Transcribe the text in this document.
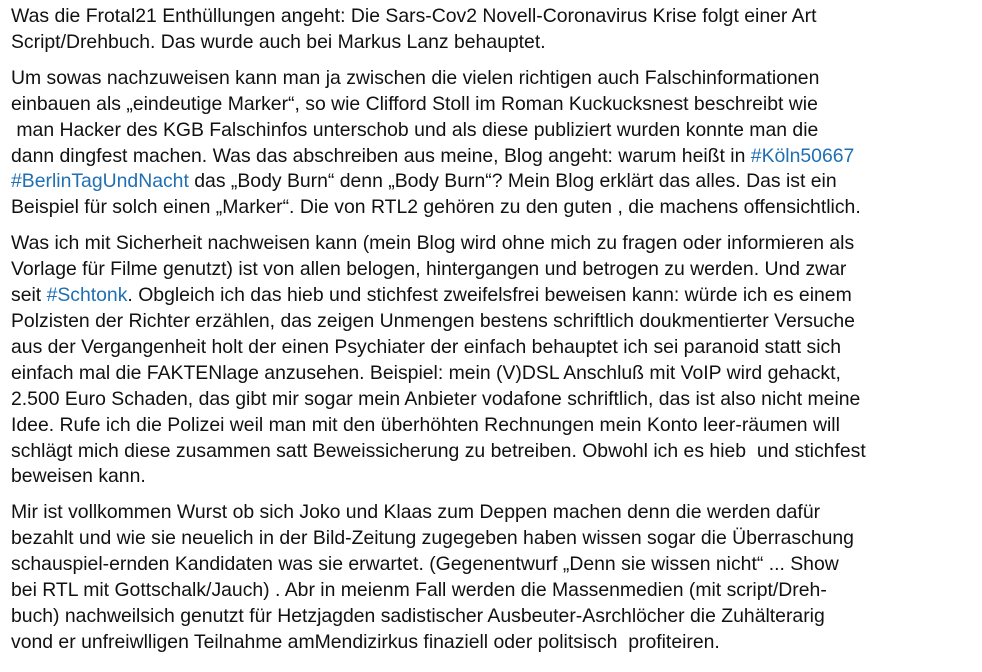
Was die Frotal21 Enthüllungen angeht: Die Sars-Cov2 Novell-Coronavirus Krise folgt einer Art
Script/Drehbuch. Das wurde auch bei Markus Lanz behauptet.
Um sowas nachzuweisen kann man ja zwischen die vielen richtigen auch Falschinformationen
einbauen als „eindeutige Marker“, so wie Clifford Stoll im Roman Kuckucksnest beschreibt wie
man Hacker des KGB Falschinfos unterschob und als diese publiziert wurden konnte man die
dann dingfest machen. Was das abschreiben aus meine, Blog angeht: warum heißt in #Köln50667
#BerlinTagUndNacht das „Body Burn“ denn „Body Burn“? Mein Blog erklärt das alles. Das ist ein
Beispiel für solch einen „Marker“. Die von RTL2 gehören zu den guten , die machens offensichtlich.
Was ich mit Sicherheit nachweisen kann (mein Blog wird ohne mich zu fragen oder informieren als
Vorlage für Filme genutzt) ist von allen belogen, hintergangen und betrogen zu werden. Und zwar
seit #Schtonk. Obgleich ich das hieb und stichfest zweifelsfrei beweisen kann: würde ich es einem
Polzisten der Richter erzählen, das zeigen Unmengen bestens schriftlich doukmentierter Versuche
aus der Vergangenheit holt der einen Psychiater der einfach behauptet ich sei paranoid statt sich
einfach mal die FAKTENlage anzusehen. Beispiel: mein (V)DSL Anschluß mit VoIP wird gehackt,
2.500 Euro Schaden, das gibt mir sogar mein Anbieter vodafone schriftlich, das ist also nicht meine
Idee. Rufe ich die Polizei weil man mit den überhöhten Rechnungen mein Konto leer-räumen will
schlägt mich diese zusammen satt Beweissicherung zu betreiben. Obwohl ich es hieb  und stichfest
beweisen kann.
Mir ist vollkommen Wurst ob sich Joko und Klaas zum Deppen machen denn die werden dafür
bezahlt und wie sie neuelich in der Bild-Zeitung zugegeben haben wissen sogar die Überraschung
schauspiel-ernden Kandidaten was sie erwartet. (Gegenentwurf „Denn sie wissen nicht“ ... Show
bei RTL mit Gottschalk/Jauch) . Abr in meienm Fall werden die Massenmedien (mit script/Dreh-
buch) nachweilsich genutzt für Hetzjagden sadistischer Ausbeuter-Asrchlöcher die Zuhälterarig
vond er unfreiwlligen Teilnahme amMendizirkus finaziell oder politsisch  profiteiren.
